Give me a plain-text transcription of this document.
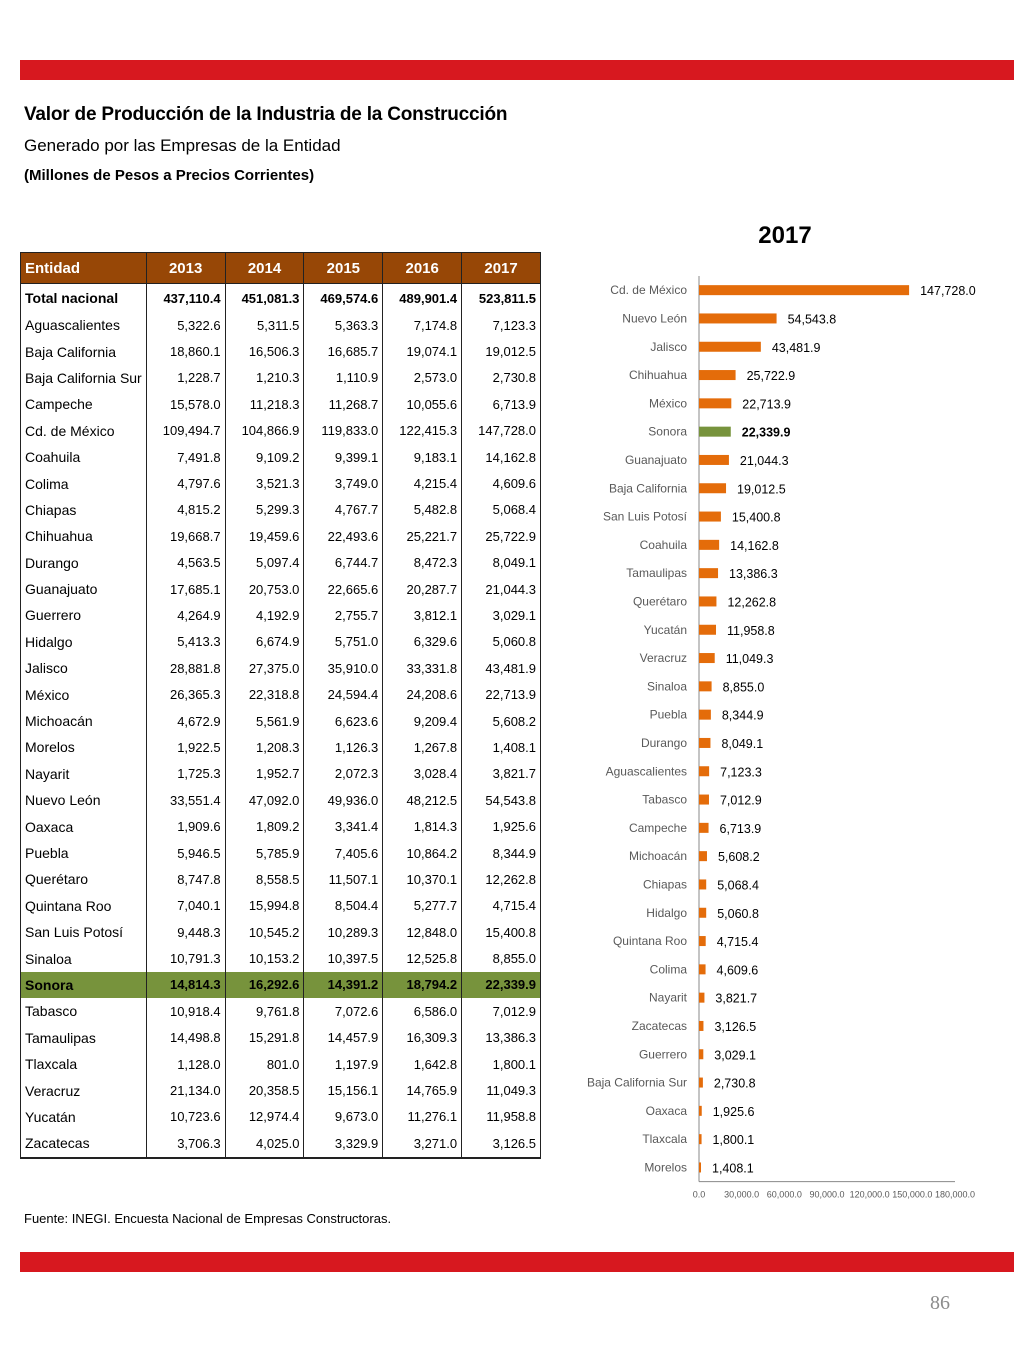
Valor de Producción de la Industria de la Construcción
Generado por las Empresas de la Entidad
(Millones de Pesos a Precios Corrientes)
Entidad	2013	2014	2015	2016	2017
Total nacional	437,110.4	451,081.3	469,574.6	489,901.4	523,811.5
Aguascalientes	5,322.6	5,311.5	5,363.3	7,174.8	7,123.3
Baja California	18,860.1	16,506.3	16,685.7	19,074.1	19,012.5
Baja California Sur	1,228.7	1,210.3	1,110.9	2,573.0	2,730.8
Campeche	15,578.0	11,218.3	11,268.7	10,055.6	6,713.9
Cd. de México	109,494.7	104,866.9	119,833.0	122,415.3	147,728.0
Coahuila	7,491.8	9,109.2	9,399.1	9,183.1	14,162.8
Colima	4,797.6	3,521.3	3,749.0	4,215.4	4,609.6
Chiapas	4,815.2	5,299.3	4,767.7	5,482.8	5,068.4
Chihuahua	19,668.7	19,459.6	22,493.6	25,221.7	25,722.9
Durango	4,563.5	5,097.4	6,744.7	8,472.3	8,049.1
Guanajuato	17,685.1	20,753.0	22,665.6	20,287.7	21,044.3
Guerrero	4,264.9	4,192.9	2,755.7	3,812.1	3,029.1
Hidalgo	5,413.3	6,674.9	5,751.0	6,329.6	5,060.8
Jalisco	28,881.8	27,375.0	35,910.0	33,331.8	43,481.9
México	26,365.3	22,318.8	24,594.4	24,208.6	22,713.9
Michoacán	4,672.9	5,561.9	6,623.6	9,209.4	5,608.2
Morelos	1,922.5	1,208.3	1,126.3	1,267.8	1,408.1
Nayarit	1,725.3	1,952.7	2,072.3	3,028.4	3,821.7
Nuevo León	33,551.4	47,092.0	49,936.0	48,212.5	54,543.8
Oaxaca	1,909.6	1,809.2	3,341.4	1,814.3	1,925.6
Puebla	5,946.5	5,785.9	7,405.6	10,864.2	8,344.9
Querétaro	8,747.8	8,558.5	11,507.1	10,370.1	12,262.8
Quintana Roo	7,040.1	15,994.8	8,504.4	5,277.7	4,715.4
San Luis Potosí	9,448.3	10,545.2	10,289.3	12,848.0	15,400.8
Sinaloa	10,791.3	10,153.2	10,397.5	12,525.8	8,855.0
Sonora	14,814.3	16,292.6	14,391.2	18,794.2	22,339.9
Tabasco	10,918.4	9,761.8	7,072.6	6,586.0	7,012.9
Tamaulipas	14,498.8	15,291.8	14,457.9	16,309.3	13,386.3
Tlaxcala	1,128.0	801.0	1,197.9	1,642.8	1,800.1
Veracruz	21,134.0	20,358.5	15,156.1	14,765.9	11,049.3
Yucatán	10,723.6	12,974.4	9,673.0	11,276.1	11,958.8
Zacatecas	3,706.3	4,025.0	3,329.9	3,271.0	3,126.5
Fuente: INEGI. Encuesta Nacional de Empresas Constructoras.
2017
Cd. de México	147,728.0
Nuevo León	54,543.8
Jalisco	43,481.9
Chihuahua	25,722.9
México	22,713.9
Sonora	22,339.9
Guanajuato	21,044.3
Baja California	19,012.5
San Luis Potosí	15,400.8
Coahuila	14,162.8
Tamaulipas	13,386.3
Querétaro	12,262.8
Yucatán	11,958.8
Veracruz	11,049.3
Sinaloa	8,855.0
Puebla	8,344.9
Durango	8,049.1
Aguascalientes	7,123.3
Tabasco	7,012.9
Campeche	6,713.9
Michoacán 5,608.2
Chiapas 5,068.4
Hidalgo 5,060.8
Quintana Roo 4,715.4
Colima 4,609.6
Nayarit 3,821.7
Zacatecas 3,126.5
Guerrero 3,029.1
Baja California Sur 2,730.8
Oaxaca 1,925.6
Tlaxcala 1,800.1
Morelos 1,408.1
0.0 30,000.0 60,000.0 90,000.0 120,000.0 150,000.0 180,000.0
86
